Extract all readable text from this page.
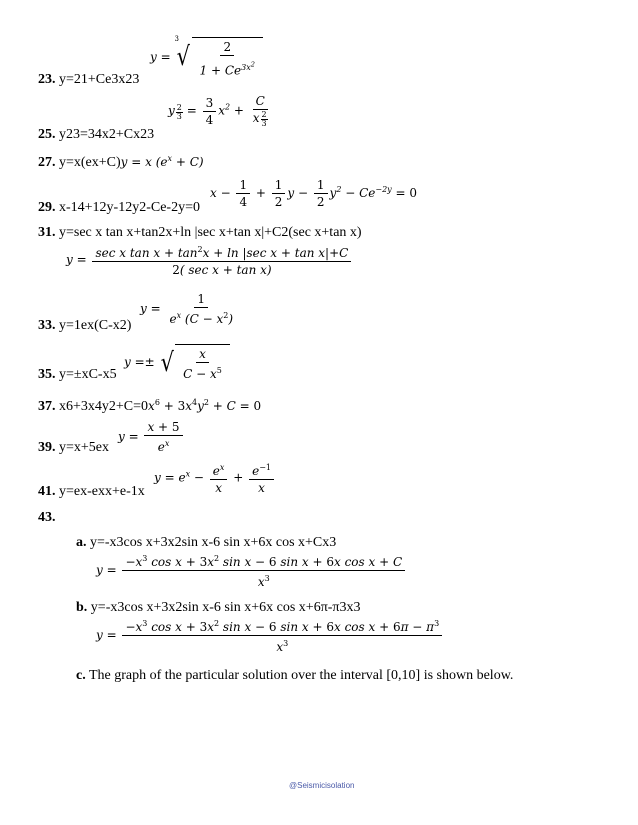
$y = ^3√ \frac{2}{1 + Ce^{3x^2}}$
23. y=21+Ce3x23
y $\frac{2}{3} = \frac{3}{4} x^2 + \frac{C}{x \frac{2}{3}}$
25. y23=34x2+Cx23
27. y=x(ex+C)y = x $(e^x + C)$
$x - \frac{1}{4} + \frac{1}{2}$ $y - \frac{1}{2} y^2 - Ce^{-2y} = 0$
29. x-14+12y-12y2-Ce-2y=0
31. y=sec x tan x+tan2x+ln |sec x+tan x|+C2(sec x+tan x)
$y = \frac{\sec x \tan x + \tan^2x + \ln |\sec x + \tan x|+C}{\text{2( sec x + tan x)}}$
$y = \frac{1}{e^x (C - x^2)}$
33. y=1ex(C-x2)
y =± √ $\frac{x}{C - x^5}$
35. y=±xC-x5
37. $x6+3x4y2+C=0x^6 + 3x^4y^2 + C = 0$
$y = \frac{x + 5}{e^x}$
39. y=x+5ex
$y = e^x - \frac{e^x}{x} + \frac{e^{-1}}{x}$
41. y=ex-exx+e-1x
43.
a. y=-x3cos x+3x2sin x-6 sin x+6x cos x+Cx3
$y = \frac{-x^3 \cos x + 3x^2 \sin x - 6 \sin x + 6x \cos x + C}{x^3}$
b. y=-x3cos x+3x2sin x-6 sin x+6x cos x+6π-π3x3
$y = \frac{-x^3 \cos x + 3x^2 \sin x - 6 \sin x + 6x \cos x + 6\pi - \pi^3}{x^3}$
c. The graph of the particular solution over the interval [0,10] is shown below.
@Seismicisolation
